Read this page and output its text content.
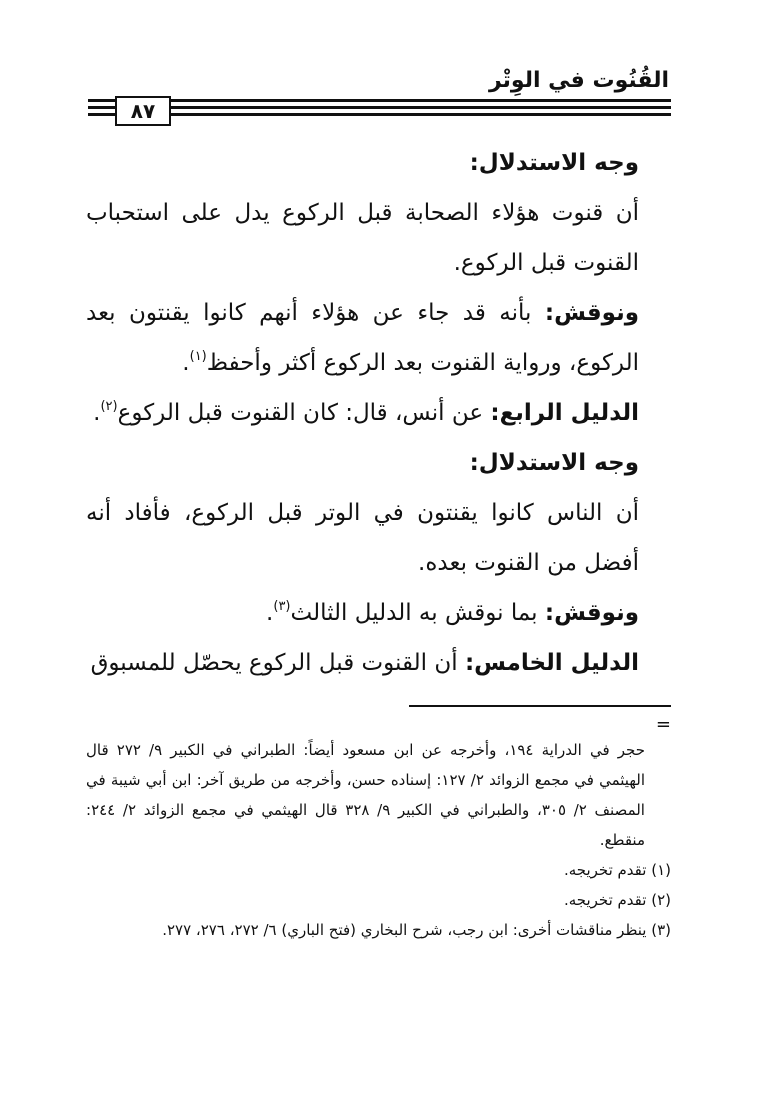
القُنُوت في الوِتْر
٨٧

وجه الاستدلال:

أن قنوت هؤلاء الصحابة قبل الركوع يدل على استحباب القنوت قبل الركوع.

ونوقش: بأنه قد جاء عن هؤلاء أنهم كانوا يقنتون بعد الركوع، ورواية القنوت بعد الركوع أكثر وأحفظ$^{(١)}$.

الدليل الرابع: عن أنس، قال: كان القنوت قبل الركوع$^{(٢)}$.

وجه الاستدلال:

أن الناس كانوا يقنتون في الوتر قبل الركوع، فأفاد أنه أفضل من القنوت بعده.

ونوقش: بما نوقش به الدليل الثالث$^{(٣)}$.

الدليل الخامس: أن القنوت قبل الركوع يحصّل للمسبوق

=

حجر في الدراية ١٩٤، وأخرجه عن ابن مسعود أيضاً: الطبراني في الكبير ٩/ ٢٧٢ قال الهيثمي في مجمع الزوائد ٢/ ١٢٧: إسناده حسن، وأخرجه من طريق آخر: ابن أبي شيبة في المصنف ٢/ ٣٠٥، والطبراني في الكبير ٩/ ٣٢٨ قال الهيثمي في مجمع الزوائد ٢/ ٢٤٤: منقطع.

(١) تقدم تخريجه.

(٢) تقدم تخريجه.

(٣) ينظر مناقشات أخرى: ابن رجب، شرح البخاري (فتح الباري) ٦/ ٢٧٢، ٢٧٦، ٢٧٧.
